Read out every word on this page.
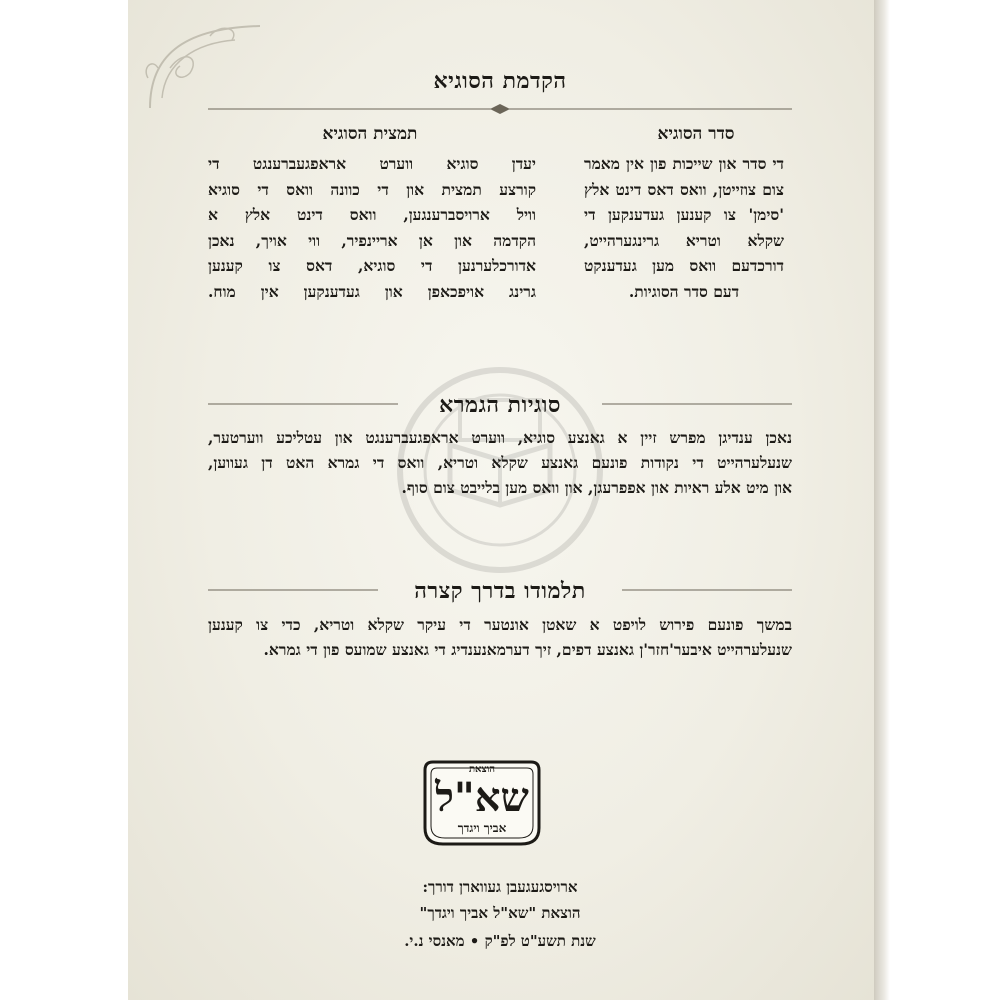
הקדמת הסוגיא
סדר הסוגיא
די סדר און שייכות פון אין מאמר
צום צוזייטן, וואס דאס דינט אלץ
'סימן' צו קענען געדענקען די
שקלא וטריא גרינגערהייט,
דורכדעם וואס מען געדענקט
דעם סדר הסוגיות.
תמצית הסוגיא
יעדן סוגיא ווערט אראפגעברענגט די
קורצע תמצית און די כוונה וואס די סוגיא
וויל ארויסברענגען, וואס דינט אלץ א
הקדמה און אן אריינפיר, ווי אויך, נאכן
אדורכלערנען די סוגיא, דאס צו קענען
גרינג אויפכאפן און געדענקען אין מוח.
סוגיות הגמרא
נאכן ענדיגן מפרש זיין א גאנצע סוגיא, ווערט אראפגעברענגט און עטליכע ווערטער,
שנעלערהייט די נקודות פונעם גאנצע שקלא וטריא, וואס די גמרא האט דן געווען,
און מיט אלע ראיות און אפפרעגן, און וואס מען בלייבט צום סוף.
תלמודו בדרך קצרה
במשך פונעם פירוש לויפט א שאטן אונטער די עיקר שקלא וטריא, כדי צו קענען
שנעלערהייט איבער'חזר'ן גאנצע דפים, זיך דערמאנענדיג די גאנצע שמועס פון די גמרא.
הוצאת
שא"ל
אביך ויגדך
ארויסגעגעבן געווארן דורך:
הוצאת "שא"ל אביך ויגדך"
שנת תשע"ט לפ"ק • מאנסי נ.י.
